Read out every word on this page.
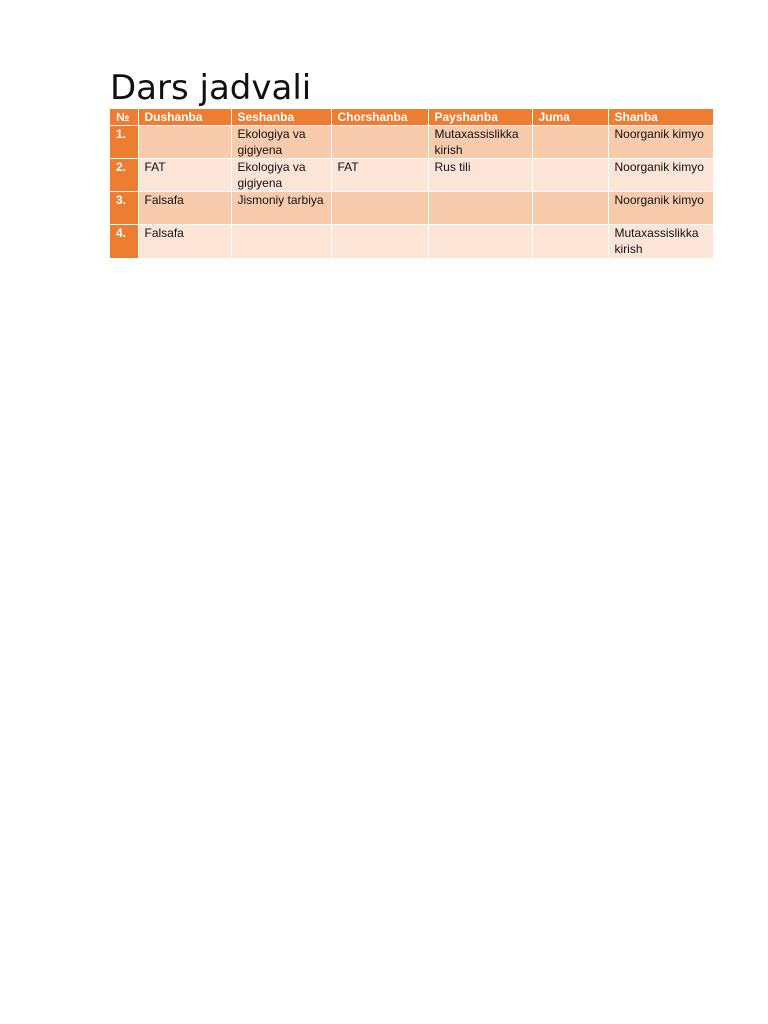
Dars jadvali
№	Dushanba	Seshanba	Chorshanba	Payshanba	Juma	Shanba
1.		Ekologiya va gigiyena		Mutaxassislikka kirish		Noorganik kimyo
2.	FAT	Ekologiya va gigiyena	FAT	Rus tili		Noorganik kimyo
3.	Falsafa	Jismoniy tarbiya				Noorganik kimyo
4.	Falsafa					Mutaxassislikka kirish
